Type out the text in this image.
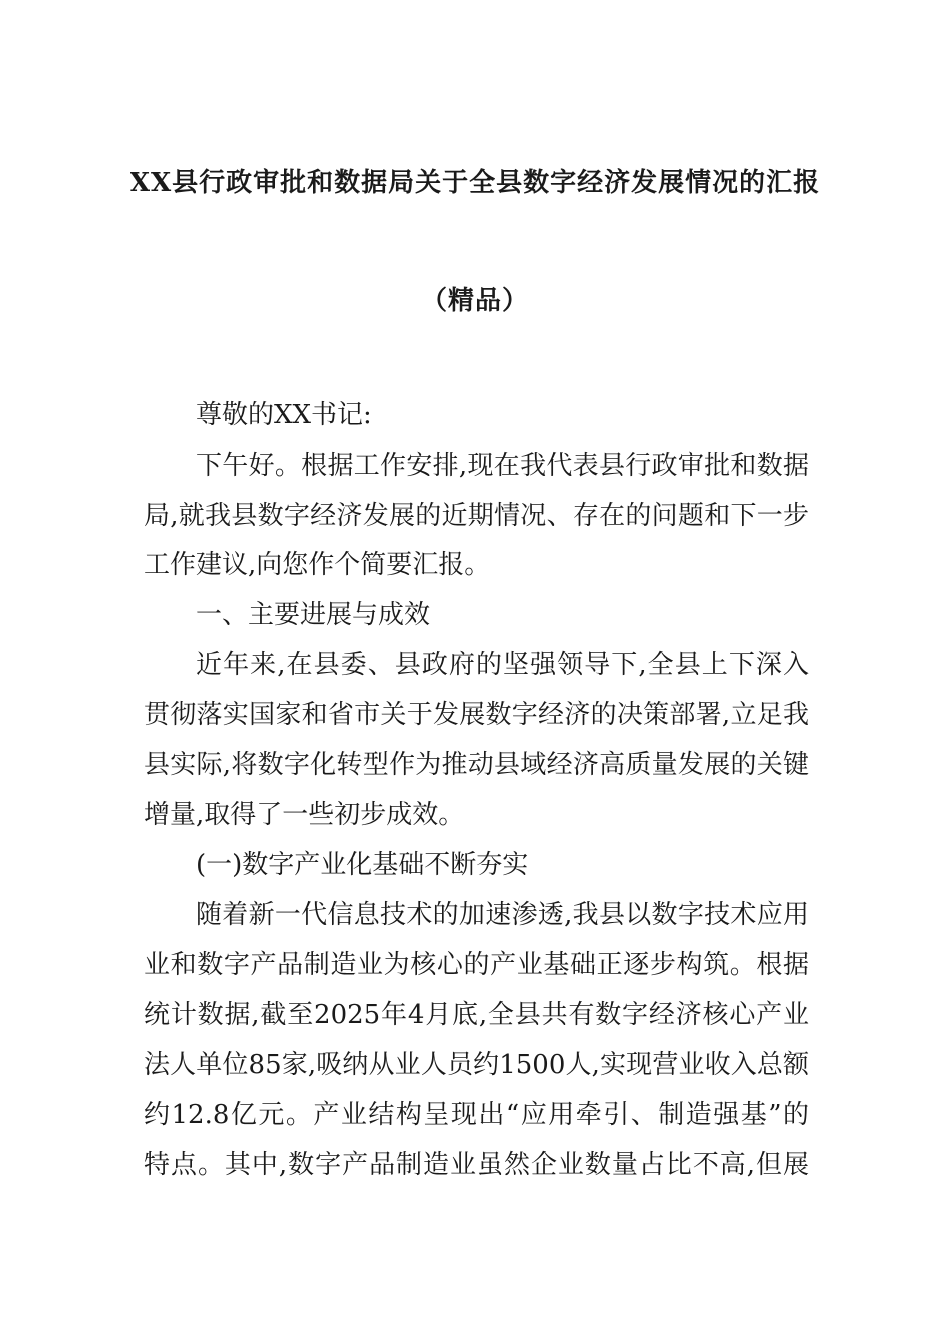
XX县行政审批和数据局关于全县数字经济发展情况的汇报
（精品）
尊敬的XX书记:
下午好。根据工作安排,现在我代表县行政审批和数据
局,就我县数字经济发展的近期情况、存在的问题和下一步
工作建议,向您作个简要汇报。
一、主要进展与成效
近年来,在县委、县政府的坚强领导下,全县上下深入
贯彻落实国家和省市关于发展数字经济的决策部署,立足我
县实际,将数字化转型作为推动县域经济高质量发展的关键
增量,取得了一些初步成效。
(一)数字产业化基础不断夯实
随着新一代信息技术的加速渗透,我县以数字技术应用
业和数字产品制造业为核心的产业基础正逐步构筑。根据
统计数据,截至2025年4月底,全县共有数字经济核心产业
法人单位85家,吸纳从业人员约1500人,实现营业收入总额
约12.8亿元。产业结构呈现出“应用牵引、制造强基”的
特点。其中,数字产品制造业虽然企业数量占比不高,但展
